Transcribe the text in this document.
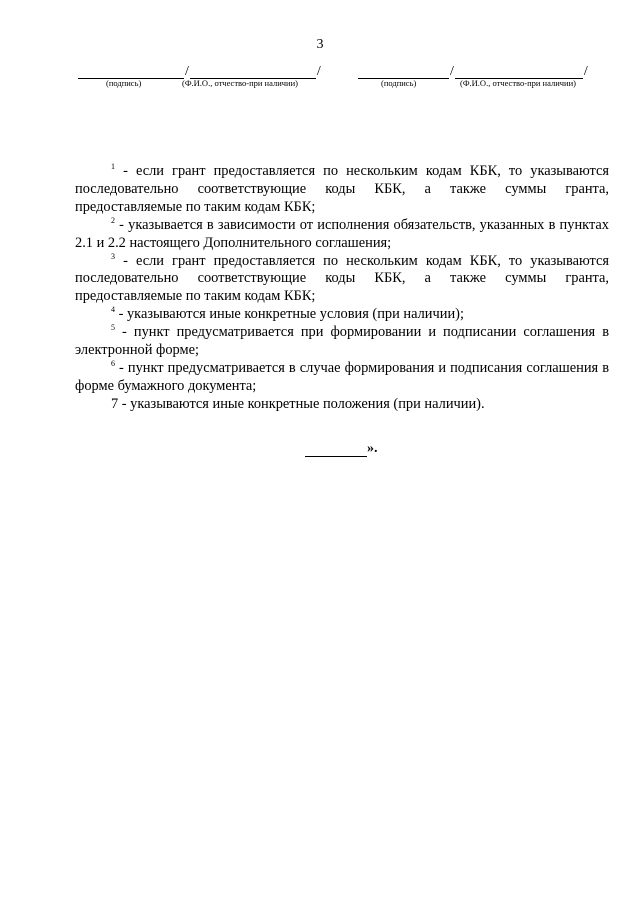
3
/	/
(подпись)	(Ф.И.О., отчество-при наличии)
/	/
(подпись)	(Ф.И.О., отчество-при наличии)

$^1$ - если грант предоставляется по нескольким кодам КБК, то указываются последовательно соответствующие коды КБК, а также суммы гранта, предоставляемые по таким кодам КБК;

$^2$ - указывается в зависимости от исполнения обязательств, указанных в пунктах 2.1 и 2.2 настоящего Дополнительного соглашения;

$^3$ - если грант предоставляется по нескольким кодам КБК, то указываются последовательно соответствующие коды КБК, а также суммы гранта, предоставляемые по таким кодам КБК;

$^4$ - указываются иные конкретные условия (при наличии);

$^5$ - пункт предусматривается при формировании и подписании соглашения в электронной форме;

$^6$ - пункт предусматривается в случае формирования и подписания соглашения в форме бумажного документа;

7 - указываются иные конкретные положения (при наличии).

».
